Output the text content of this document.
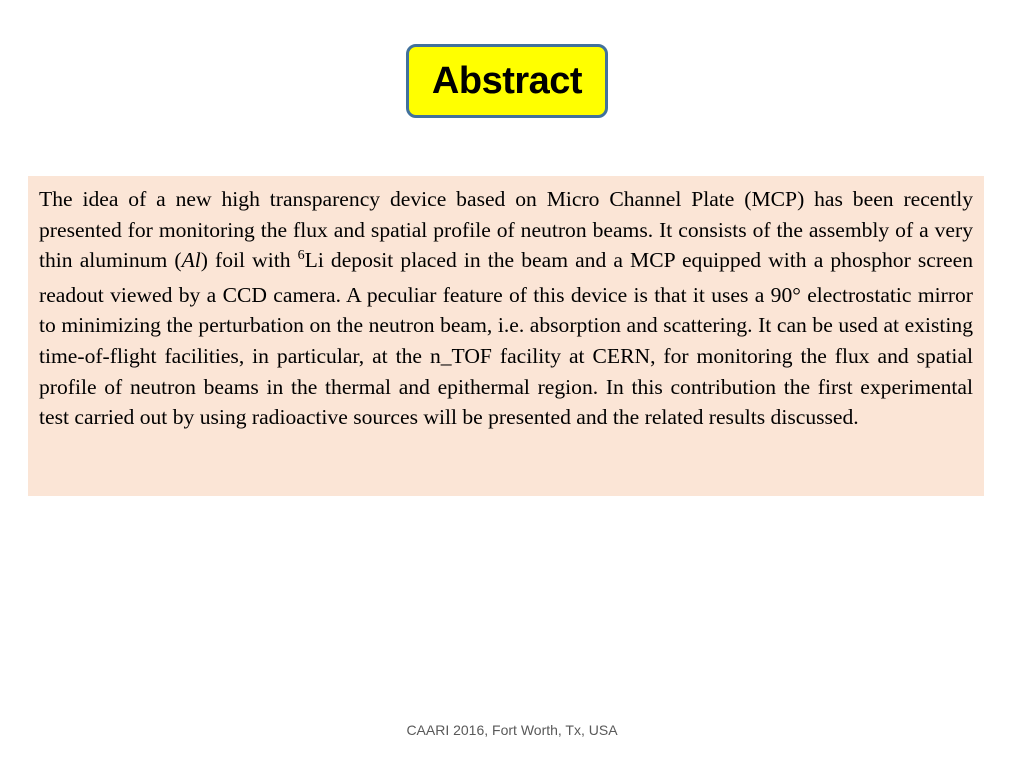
Abstract

The idea of a new high transparency device based on Micro Channel Plate (MCP) has been recently presented for monitoring the flux and spatial profile of neutron beams. It consists of the assembly of a very thin aluminum (Al) foil with $^6$Li deposit placed in the beam and a MCP equipped with a phosphor screen readout viewed by a CCD camera. A peculiar feature of this device is that it uses a 90° electrostatic mirror to minimizing the perturbation on the neutron beam, i.e. absorption and scattering. It can be used at existing time-of-flight facilities, in particular, at the n_TOF facility at CERN, for monitoring the flux and spatial profile of neutron beams in the thermal and epithermal region. In this contribution the first experimental test carried out by using radioactive sources will be presented and the related results discussed.

CAARI 2016, Fort Worth, Tx, USA
